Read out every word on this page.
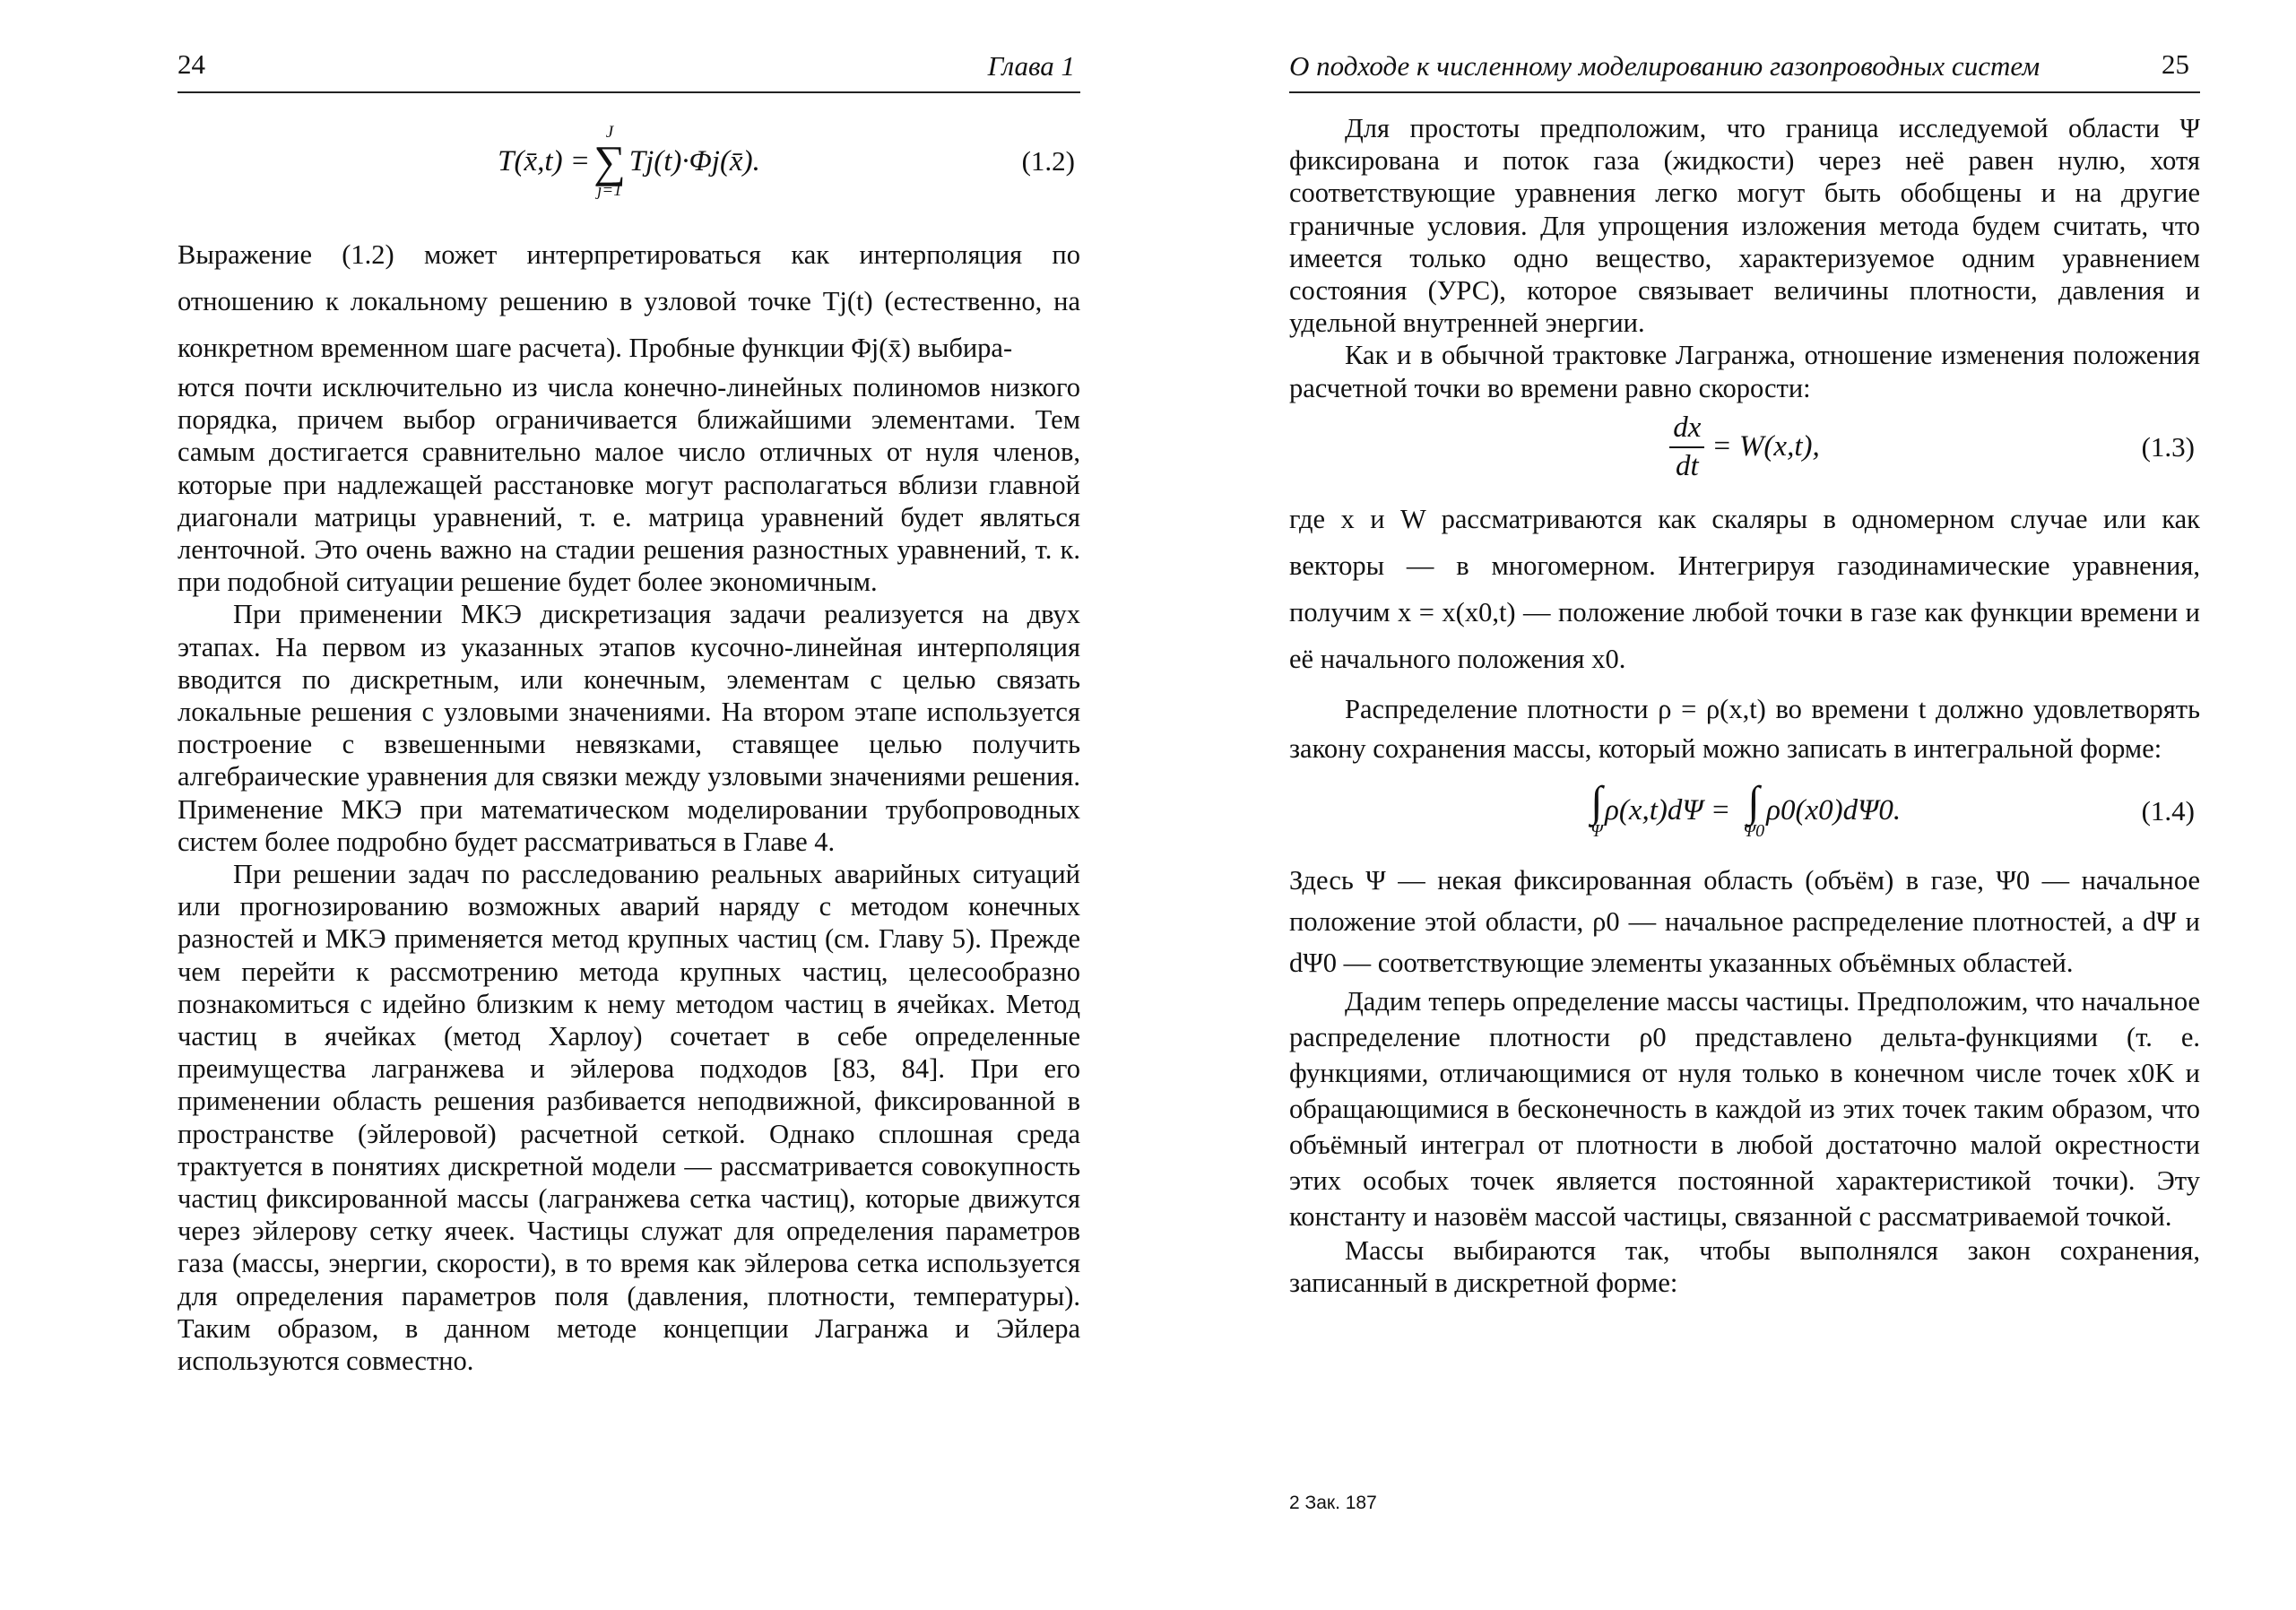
24	Глава 1
T(x̄,t) =
J
∑
j=1
Tj(t)·Φj(x̄).	(1.2)

Выражение (1.2) может интерпретироваться как интерполяция по отношению к локальному решению в узловой точке Tj(t) (естественно, на конкретном временном шаге расчета). Пробные функции Φj(x̄) выбира-

ются почти исключительно из числа конечно-линейных полиномов низкого порядка, причем выбор ограничивается ближайшими элементами. Тем самым достигается сравнительно малое число отличных от нуля членов, которые при надлежащей расстановке могут располагаться вблизи главной диагонали матрицы уравнений, т. е. матрица уравнений будет являться ленточной. Это очень важно на стадии решения разностных уравнений, т. к. при подобной ситуации решение будет более экономичным.

При применении МКЭ дискретизация задачи реализуется на двух этапах. На первом из указанных этапов кусочно-линейная интерполяция вводится по дискретным, или конечным, элементам с целью связать локальные решения с узловыми значениями. На втором этапе используется построение с взвешенными невязками, ставящее целью получить алгебраические уравнения для связки между узловыми значениями решения. Применение МКЭ при математическом моделировании трубопроводных систем более подробно будет рассматриваться в Главе 4.

При решении задач по расследованию реальных аварийных ситуаций или прогнозированию возможных аварий наряду с методом конечных разностей и МКЭ применяется метод крупных частиц (см. Главу 5). Прежде чем перейти к рассмотрению метода крупных частиц, целесообразно познакомиться с идейно близким к нему методом частиц в ячейках. Метод частиц в ячейках (метод Харлоу) сочетает в себе определенные преимущества лагранжева и эйлерова подходов [83, 84]. При его применении область решения разбивается неподвижной, фиксированной в пространстве (эйлеровой) расчетной сеткой. Однако сплошная среда трактуется в понятиях дискретной модели — рассматривается совокупность частиц фиксированной массы (лагранжева сетка частиц), которые движутся через эйлерову сетку ячеек. Частицы служат для определения параметров газа (массы, энергии, скорости), в то время как эйлерова сетка используется для определения параметров поля (давления, плотности, температуры). Таким образом, в данном методе концепции Лагранжа и Эйлера используются совместно.

О подходе к численному моделированию газопроводных систем	25

Для простоты предположим, что граница исследуемой области Ψ фиксирована и поток газа (жидкости) через неё равен нулю, хотя соответствующие уравнения легко могут быть обобщены и на другие граничные условия. Для упрощения изложения метода будем считать, что имеется только одно вещество, характеризуемое одним уравнением состояния (УРС), которое связывает величины плотности, давления и удельной внутренней энергии.

Как и в обычной трактовке Лагранжа, отношение изменения положения расчетной точки во времени равно скорости:

$\frac{dx}{dt} = W(x,t)$,	(1.3)

где x и W рассматриваются как скаляры в одномерном случае или как векторы — в многомерном. Интегрируя газодинамические уравнения, получим x = x(x0,t) — положение любой точки в газе как функции времени и её начального положения x0.

Распределение плотности ρ = ρ(x,t) во времени t должно удовлетворять закону сохранения массы, который можно записать в интегральной форме:

∫
Ψ
ρ(x,t)dΨ = ∫
Ψ0
ρ0(x0)dΨ0.	(1.4)

Здесь Ψ — некая фиксированная область (объём) в газе, Ψ0 — начальное положение этой области, ρ0 — начальное распределение плотностей, а dΨ и dΨ0 — соответствующие элементы указанных объёмных областей.

Дадим теперь определение массы частицы. Предположим, что начальное распределение плотности ρ0 представлено дельта-функциями (т. е. функциями, отличающимися от нуля только в конечном числе точек x0K и обращающимися в бесконечность в каждой из этих точек таким образом, что объёмный интеграл от плотности в любой достаточно малой окрестности этих особых точек является постоянной характеристикой точки). Эту константу и назовём массой частицы, связанной с рассматриваемой точкой.

Массы выбираются так, чтобы выполнялся закон сохранения, записанный в дискретной форме:

2 Зак. 187
